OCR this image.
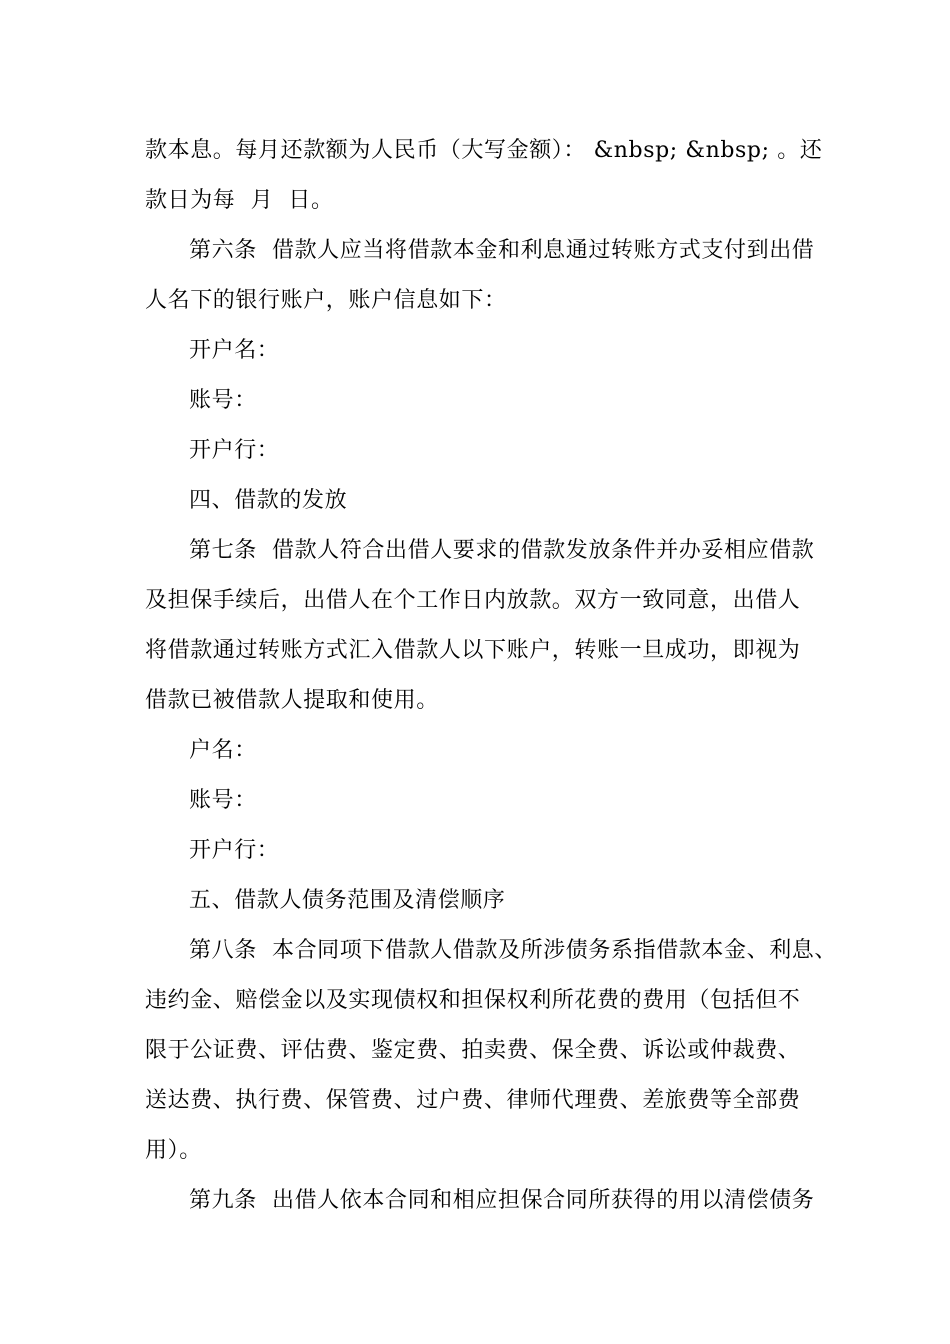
款本息。每月还款额为人民币（大写金额）： &nbsp; &nbsp; 。还
款日为每  月  日。
第六条  借款人应当将借款本金和利息通过转账方式支付到出借
人名下的银行账户，账户信息如下：
开户名：
账号：
开户行：
四、借款的发放
第七条  借款人符合出借人要求的借款发放条件并办妥相应借款
及担保手续后，出借人在个工作日内放款。双方一致同意，出借人
将借款通过转账方式汇入借款人以下账户，转账一旦成功，即视为
借款已被借款人提取和使用。
户名：
账号：
开户行：
五、借款人债务范围及清偿顺序
第八条  本合同项下借款人借款及所涉债务系指借款本金、利息、
违约金、赔偿金以及实现债权和担保权利所花费的费用（包括但不
限于公证费、评估费、鉴定费、拍卖费、保全费、诉讼或仲裁费、
送达费、执行费、保管费、过户费、律师代理费、差旅费等全部费
用）。
第九条  出借人依本合同和相应担保合同所获得的用以清偿债务
